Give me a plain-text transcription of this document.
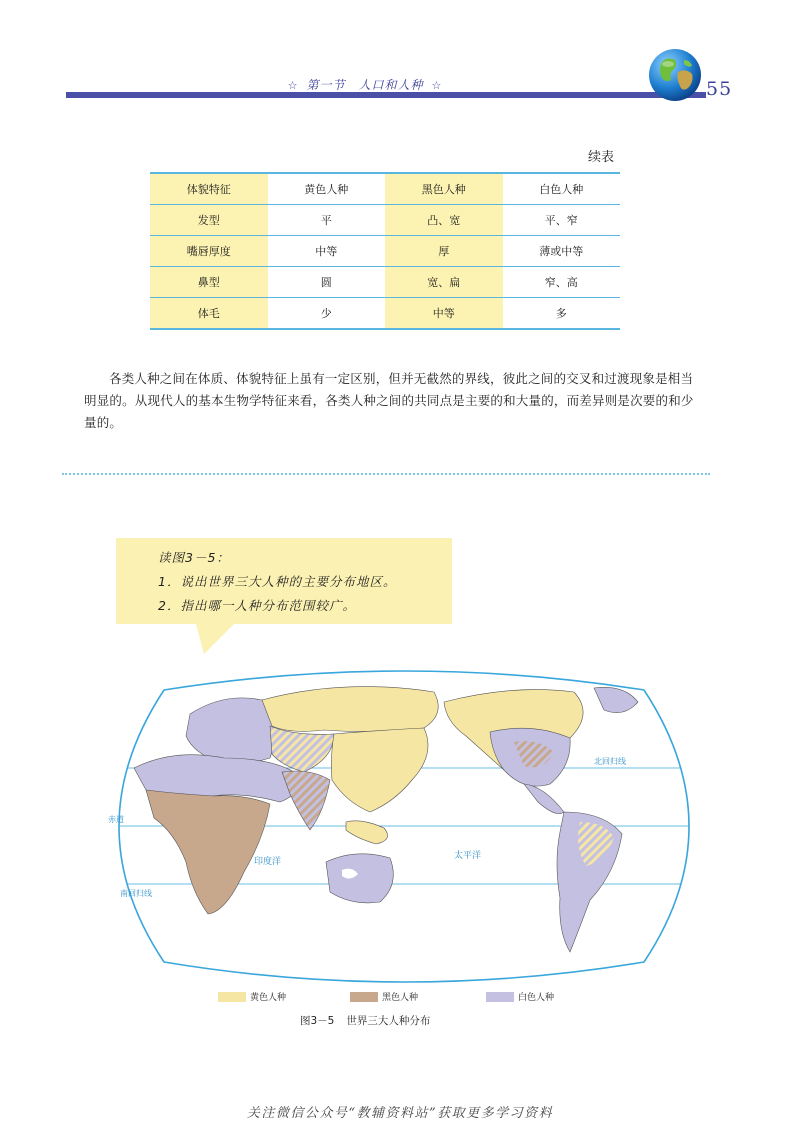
☆ 第一节　人口和人种 ☆	55
续表
体貌特征	黄色人种	黑色人种	白色人种
发型	平	凸、宽	平、窄
嘴唇厚度	中等	厚	薄或中等
鼻型	圆	宽、扁	窄、高
体毛	少	中等	多

各类人种之间在体质、体貌特征上虽有一定区别，但并无截然的界线，彼此之间的交叉和过渡现象是相当明显的。从现代人的基本生物学特征来看，各类人种之间的共同点是主要的和大量的，而差异则是次要的和少量的。

读图3－5：
1．说出世界三大人种的主要分布地区。
2．指出哪一人种分布范围较广。
北回归线
赤道
南回归线
印度洋
太平洋
黄色人种	黑色人种	白色人种
图3－5 世界三大人种分布
关注微信公众号“教辅资料站”获取更多学习资料
